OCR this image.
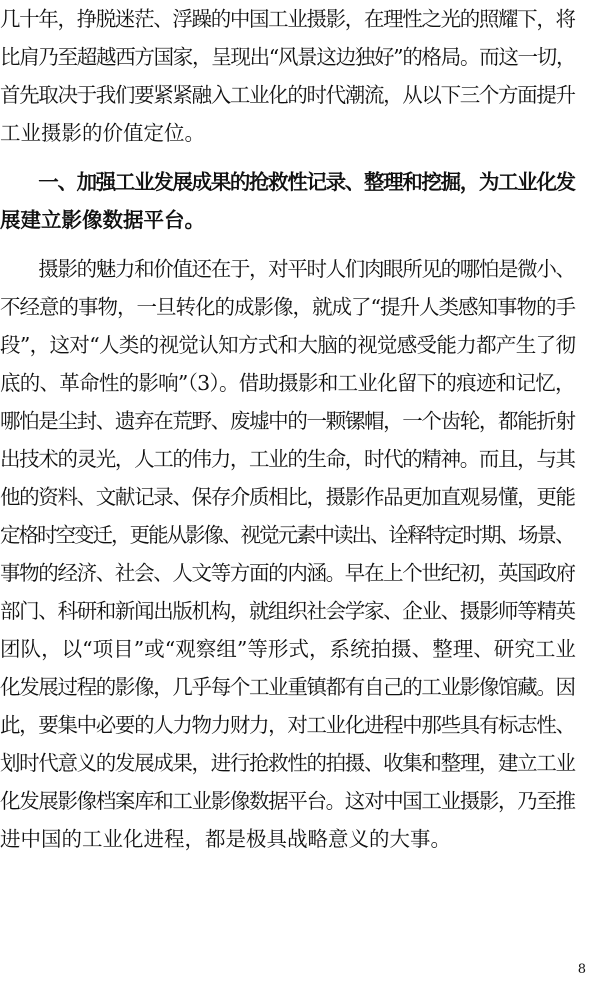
几十年，挣脱迷茫、浮躁的中国工业摄影，在理性之光的照耀下，将
比肩乃至超越西方国家，呈现出“风景这边独好”的格局。而这一切，
首先取决于我们要紧紧融入工业化的时代潮流，从以下三个方面提升
工业摄影的价值定位。
　　一、加强工业发展成果的抢救性记录、整理和挖掘，为工业化发
展建立影像数据平台。
　　摄影的魅力和价值还在于，对平时人们肉眼所见的哪怕是微小、
不经意的事物，一旦转化的成影像，就成了“提升人类感知事物的手
段”，这对“人类的视觉认知方式和大脑的视觉感受能力都产生了彻
底的、革命性的影响”（3）。借助摄影和工业化留下的痕迹和记忆，
哪怕是尘封、遗弃在荒野、废墟中的一颗镙帽，一个齿轮，都能折射
出技术的灵光，人工的伟力，工业的生命，时代的精神。而且，与其
他的资料、文献记录、保存介质相比，摄影作品更加直观易懂，更能
定格时空变迁，更能从影像、视觉元素中读出、诠释特定时期、场景、
事物的经济、社会、人文等方面的内涵。早在上个世纪初，英国政府
部门、科研和新闻出版机构，就组织社会学家、企业、摄影师等精英
团队，以“项目”或“观察组”等形式，系统拍摄、整理、研究工业
化发展过程的影像，几乎每个工业重镇都有自己的工业影像馆藏。因
此，要集中必要的人力物力财力，对工业化进程中那些具有标志性、
划时代意义的发展成果，进行抢救性的拍摄、收集和整理，建立工业
化发展影像档案库和工业影像数据平台。这对中国工业摄影，乃至推
进中国的工业化进程，都是极具战略意义的大事。
8
